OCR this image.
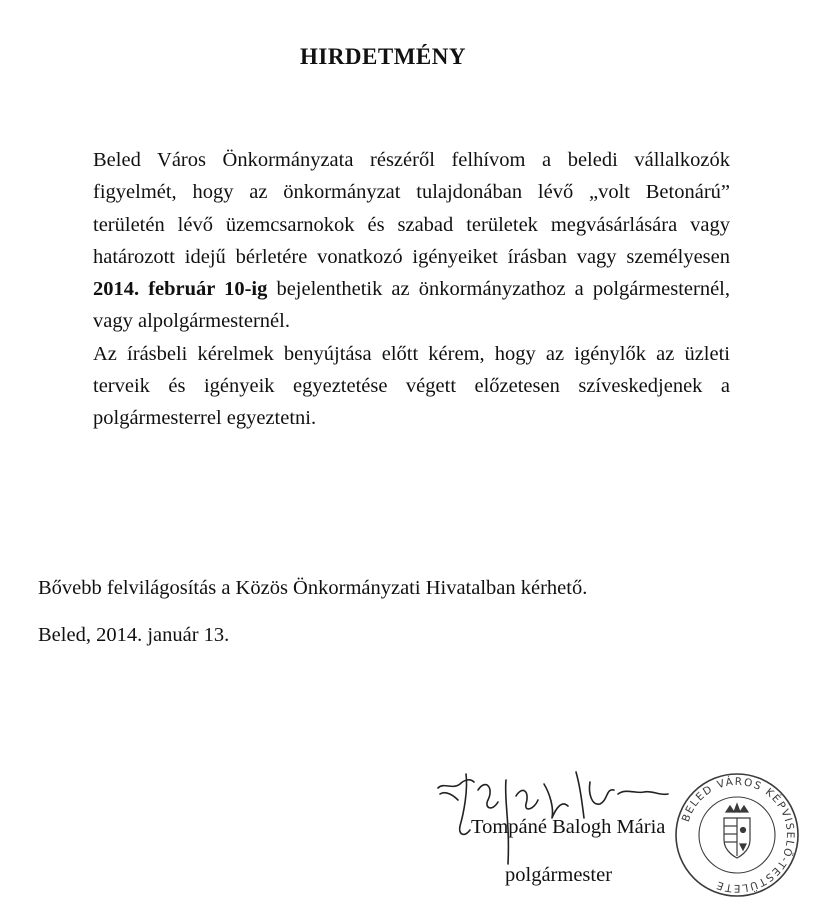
HIRDETMÉNY

Beled Város Önkormányzata részéről felhívom a beledi vállalkozók figyelmét, hogy az önkormányzat tulajdonában lévő „volt Betonárú” területén lévő üzemcsarnokok és szabad területek megvásárlására vagy határozott idejű bérletére vonatkozó igényeiket írásban vagy személyesen 2014. február 10-ig bejelenthetik az önkormányzathoz a polgármesternél, vagy alpolgármesternél.

Az írásbeli kérelmek benyújtása előtt kérem, hogy az igénylők az üzleti terveik és igényeik egyeztetése végett előzetesen szíveskedjenek a polgármesterrel egyeztetni.

Bővebb felvilágosítás a Közös Önkormányzati Hivatalban kérhető.
Beled, 2014. január 13.
Tompáné Balogh Mária
polgármester
BELED VÁROS KÉPVISELŐ-TESTÜLETE
